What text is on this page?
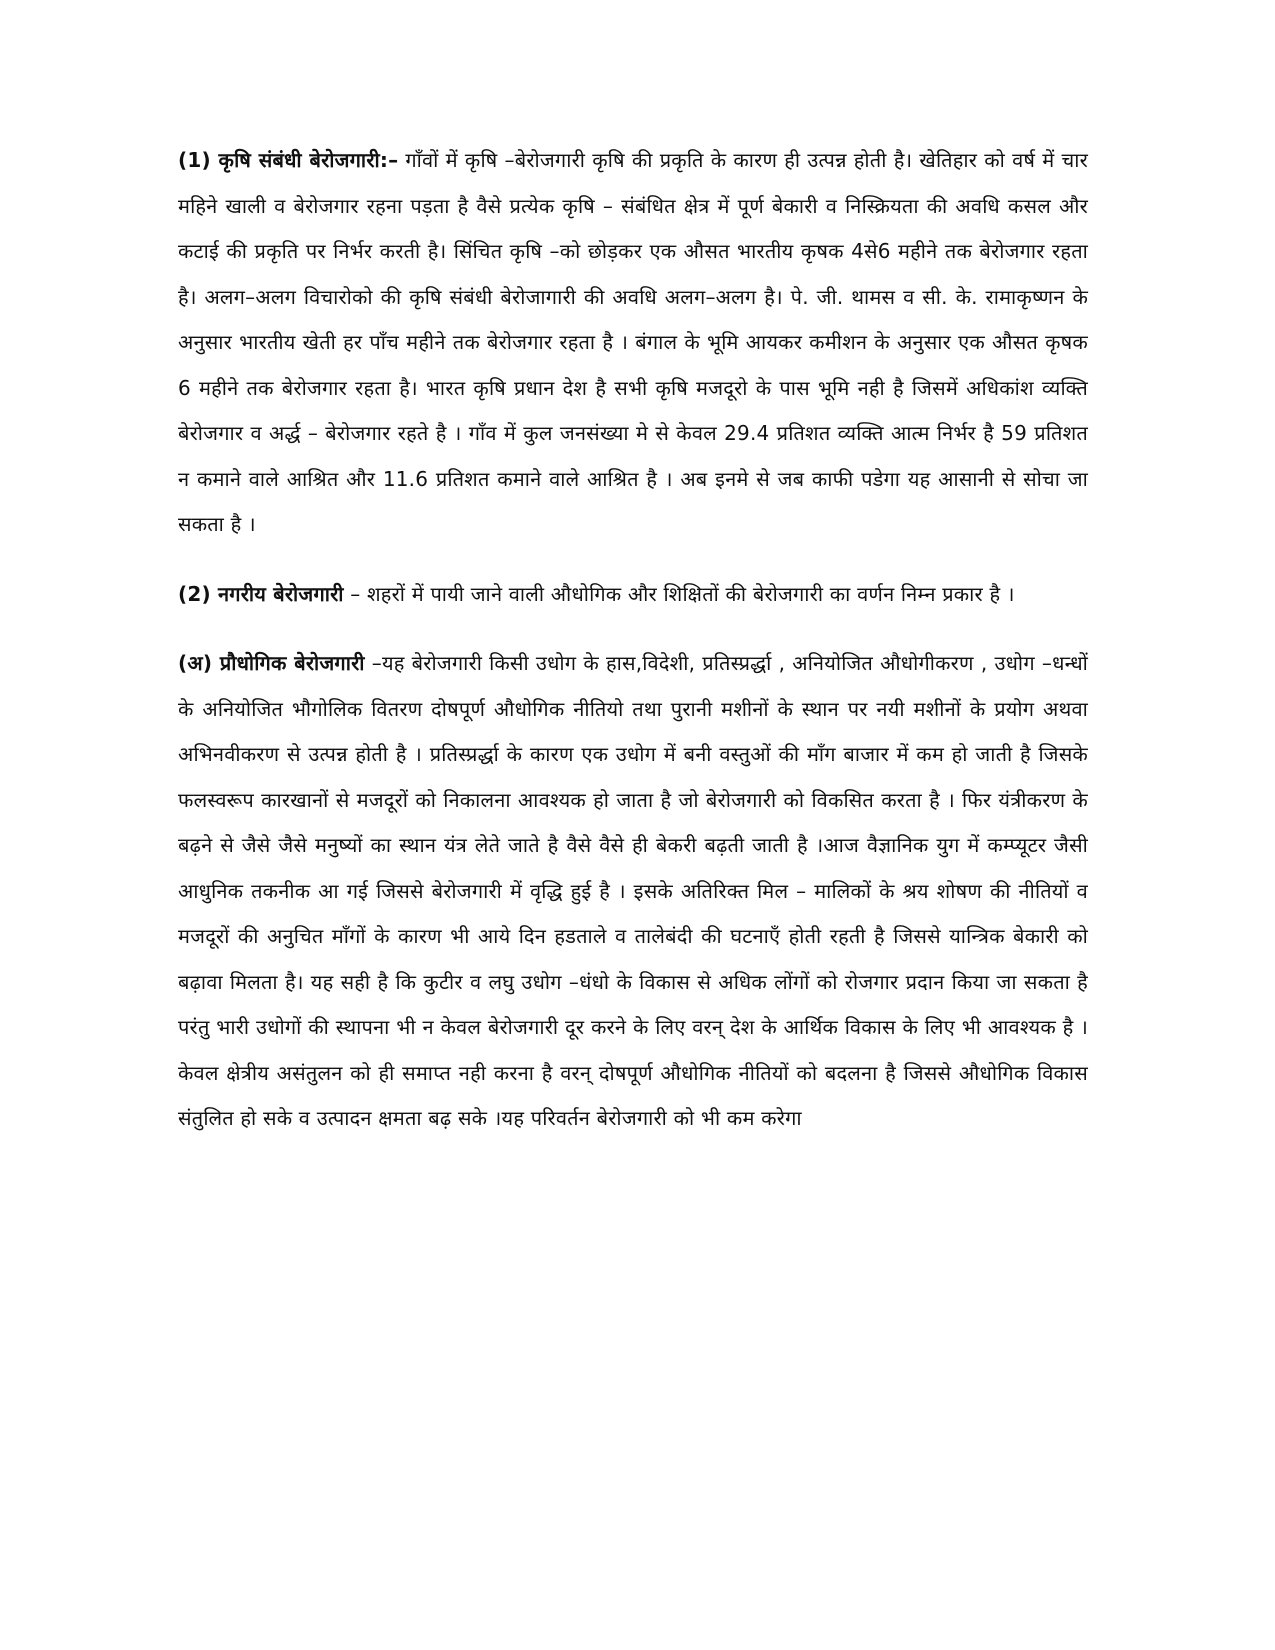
(1) कृषि संबंधी बेरोजगारी:– गाँवों में कृषि –बेरोजगारी कृषि की प्रकृति के कारण ही उत्पन्न होती है। खेतिहार को वर्ष में चार महिने खाली व बेरोजगार रहना पड़ता है वैसे प्रत्येक कृषि – संबंधित क्षेत्र में पूर्ण बेकारी व निस्क्रियता की अवधि कसल और कटाई की प्रकृति पर निर्भर करती है। सिंचित कृषि –को छोड़कर एक औसत भारतीय कृषक 4से6 महीने तक बेरोजगार रहता है। अलग–अलग विचारोको की कृषि संबंधी बेरोजागारी की अवधि अलग–अलग है। पे. जी. थामस व सी. के. रामाकृष्णन के अनुसार भारतीय खेती हर पाँच महीने तक बेरोजगार रहता है । बंगाल के भूमि आयकर कमीशन के अनुसार एक औसत कृषक 6 महीने तक बेरोजगार रहता है। भारत कृषि प्रधान देश है सभी कृषि मजदूरो के पास भूमि नही है जिसमें अधिकांश व्यक्ति बेरोजगार व अर्द्ध – बेरोजगार रहते है । गाँव में कुल जनसंख्या मे से केवल 29.4 प्रतिशत व्यक्ति आत्म निर्भर है 59 प्रतिशत न कमाने वाले आश्रित और 11.6 प्रतिशत कमाने वाले आश्रित है । अब इनमे से जब काफी पडेगा यह आसानी से सोचा जा सकता है ।

(2) नगरीय बेरोजगारी – शहरों में पायी जाने वाली औधोगिक और शिक्षितों की बेरोजगारी का वर्णन निम्न प्रकार है ।

(अ) प्रौधोगिक बेरोजगारी –यह बेरोजगारी किसी उधोग के हास,विदेशी, प्रतिस्प्रर्द्धा , अनियोजित औधोगीकरण , उधोग –धन्धों के अनियोजित भौगोलिक वितरण दोषपूर्ण औधोगिक नीतियो तथा पुरानी मशीनों के स्थान पर नयी मशीनों के प्रयोग अथवा अभिनवीकरण से उत्पन्न होती है । प्रतिस्प्रर्द्धा के कारण एक उधोग में बनी वस्तुओं की माँग बाजार में कम हो जाती है जिसके फलस्वरूप कारखानों से मजदूरों को निकालना आवश्यक हो जाता है जो बेरोजगारी को विकसित करता है । फिर यंत्रीकरण के बढ़ने से जैसे जैसे मनुष्यों का स्थान यंत्र लेते जाते है वैसे वैसे ही बेकरी बढ़ती जाती है ।आज वैज्ञानिक युग में कम्प्यूटर जैसी आधुनिक तकनीक आ गई जिससे बेरोजगारी में वृद्धि हुई है । इसके अतिरिक्त मिल – मालिकों के श्रय शोषण की नीतियों व मजदूरों की अनुचित माँगों के कारण भी आये दिन हडताले व तालेबंदी की घटनाएँ होती रहती है जिससे यान्त्रिक बेकारी को बढ़ावा मिलता है। यह सही है कि कुटीर व लघु उधोग –धंधो के विकास से अधिक लोंगों को रोजगार प्रदान किया जा सकता है परंतु भारी उधोगों की स्थापना भी न केवल बेरोजगारी दूर करने के लिए वरन् देश के आर्थिक विकास के लिए भी आवश्यक है । केवल क्षेत्रीय असंतुलन को ही समाप्त नही करना है वरन् दोषपूर्ण औधोगिक नीतियों को बदलना है जिससे औधोगिक विकास संतुलित हो सके व उत्पादन क्षमता बढ़ सके ।यह परिवर्तन बेरोजगारी को भी कम करेगा
